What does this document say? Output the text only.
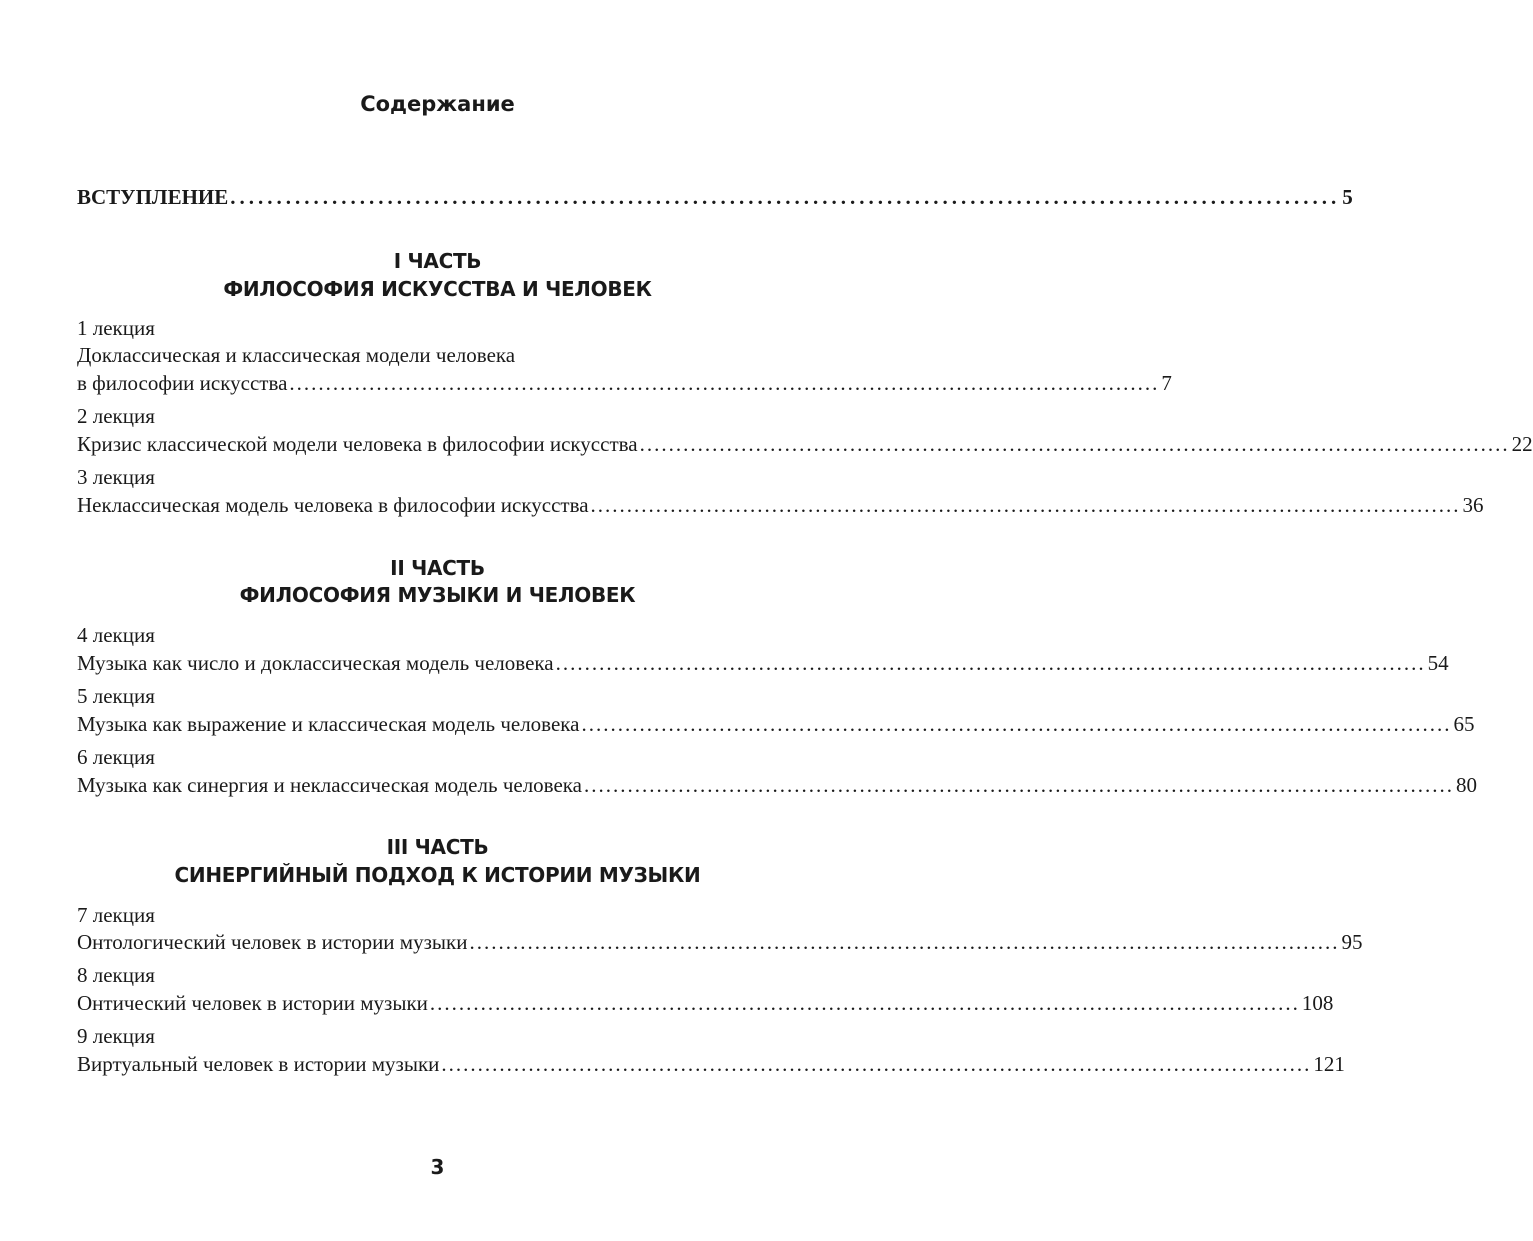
Содержание
ВСТУПЛЕНИЕ ........................................................................................................................ 5
I ЧАСТЬ
ФИЛОСОФИЯ ИСКУССТВА И ЧЕЛОВЕК
1 лекция
Доклассическая и классическая модели человека
в философии искусства ........................................................................................................................ 7
2 лекция
Кризис классической модели человека в философии искусства ........................................................................................................................ 22
3 лекция
Неклассическая модель человека в философии искусства ........................................................................................................................ 36
II ЧАСТЬ
ФИЛОСОФИЯ МУЗЫКИ И ЧЕЛОВЕК
4 лекция
Музыка как число и доклассическая модель человека ........................................................................................................................ 54
5 лекция
Музыка как выражение и классическая модель человека ........................................................................................................................ 65
6 лекция
Музыка как синергия и неклассическая модель человека ........................................................................................................................ 80
III ЧАСТЬ
СИНЕРГИЙНЫЙ ПОДХОД К ИСТОРИИ МУЗЫКИ
7 лекция
Онтологический человек в истории музыки ........................................................................................................................ 95
8 лекция
Онтический человек в истории музыки ........................................................................................................................ 108
9 лекция
Виртуальный человек в истории музыки ........................................................................................................................ 121
3
